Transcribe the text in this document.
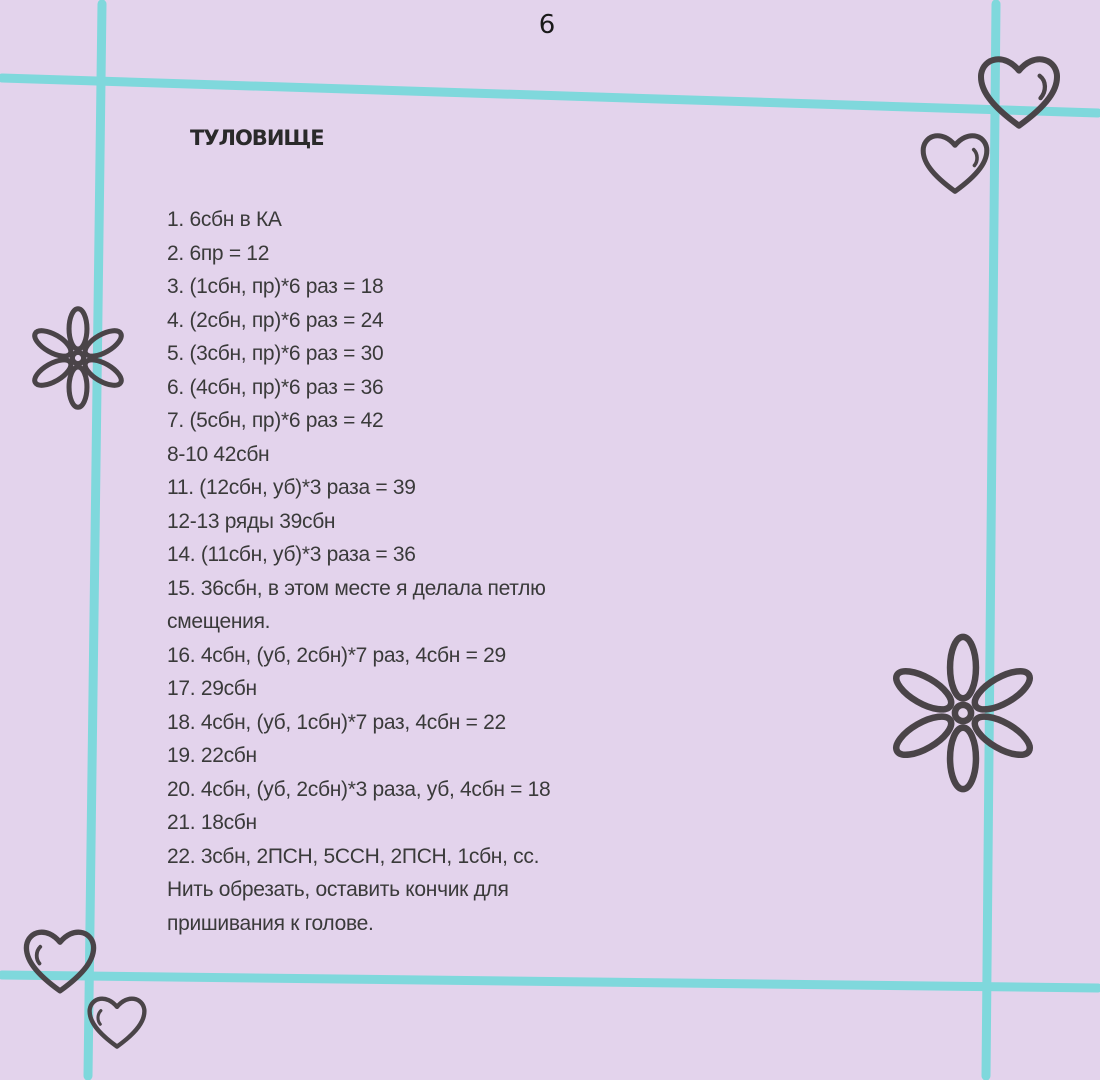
6
ТУЛОВИЩЕ
1. 6сбн в КА
2. 6пр = 12
3. (1сбн, пр)*6 раз = 18
4. (2сбн, пр)*6 раз = 24
5. (3сбн, пр)*6 раз = 30
6. (4сбн, пр)*6 раз = 36
7. (5сбн, пр)*6 раз = 42
8-10 42сбн
11. (12сбн, уб)*3 раза = 39
12-13 ряды 39сбн
14. (11сбн, уб)*3 раза = 36
15. 36сбн, в этом месте я делала петлю
смещения.
16. 4сбн, (уб, 2сбн)*7 раз, 4сбн = 29
17. 29сбн
18. 4сбн, (уб, 1сбн)*7 раз, 4сбн = 22
19. 22сбн
20. 4сбн, (уб, 2сбн)*3 раза, уб, 4сбн = 18
21. 18сбн
22. 3сбн, 2ПСН, 5ССН, 2ПСН, 1сбн, сс.
Нить обрезать, оставить кончик для
пришивания к голове.
